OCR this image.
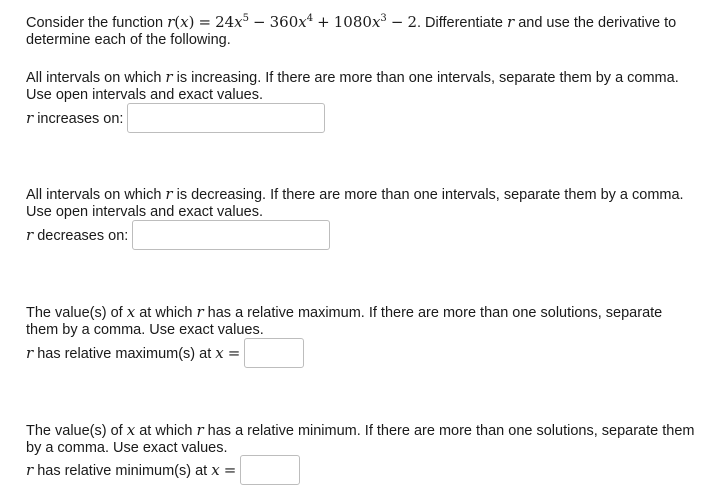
Consider the function $r(x) = 24x^5 - 360x^4 + 1080x^3 - 2$. Differentiate r and use the derivative to determine each of the following.
All intervals on which r is increasing. If there are more than one intervals, separate them by a comma. Use open intervals and exact values.
r increases on:
All intervals on which r is decreasing. If there are more than one intervals, separate them by a comma. Use open intervals and exact values.
r decreases on:
The value(s) of x at which r has a relative maximum. If there are more than one solutions, separate them by a comma. Use exact values.
r has relative maximum(s) at x =
The value(s) of x at which r has a relative minimum. If there are more than one solutions, separate them by a comma. Use exact values.
r has relative minimum(s) at x =
